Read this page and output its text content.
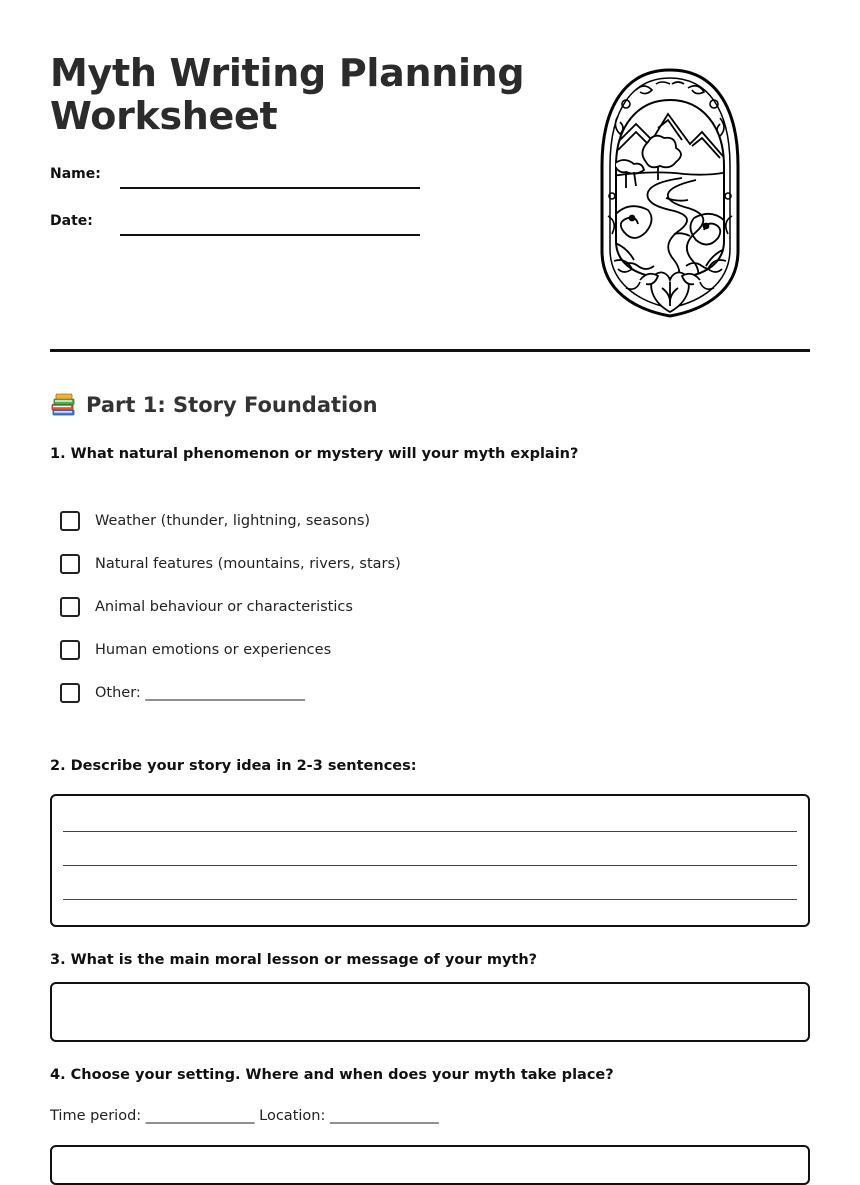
Myth Writing Planning Worksheet
Name:
Date:
Part 1: Story Foundation
1. What natural phenomenon or mystery will your myth explain?
Weather (thunder, lightning, seasons)
Natural features (mountains, rivers, stars)
Animal behaviour or characteristics
Human emotions or experiences
Other: ______________________
2. Describe your story idea in 2-3 sentences:
3. What is the main moral lesson or message of your myth?
4. Choose your setting. Where and when does your myth take place?
Time period: _______________ Location: _______________
